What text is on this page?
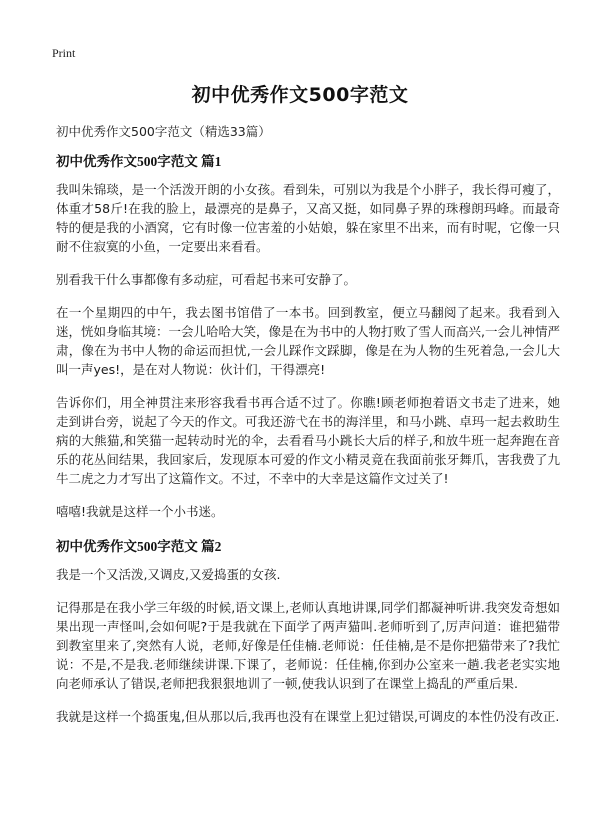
Print
初中优秀作文500字范文
初中优秀作文500字范文（精选33篇）
初中优秀作文500字范文 篇1

我叫朱锦琰，是一个活泼开朗的小女孩。看到朱，可别以为我是个小胖子，我长得可瘦了，体重才58斤!在我的脸上，最漂亮的是鼻子，又高又挺，如同鼻子界的珠穆朗玛峰。而最奇特的便是我的小酒窝，它有时像一位害羞的小姑娘，躲在家里不出来，而有时呢，它像一只耐不住寂寞的小鱼，一定要出来看看。

别看我干什么事都像有多动症，可看起书来可安静了。

在一个星期四的中午，我去图书馆借了一本书。回到教室，便立马翻阅了起来。我看到入迷，恍如身临其境：一会儿哈哈大笑，像是在为书中的人物打败了雪人而高兴,一会儿神情严肃，像在为书中人物的命运而担忧,一会儿踩作文踩脚，像是在为人物的生死着急,一会儿大叫一声yes!，是在对人物说：伙计们，干得漂亮!

告诉你们，用全神贯注来形容我看书再合适不过了。你瞧!顾老师抱着语文书走了进来，她走到讲台旁，说起了今天的作文。可我还游弋在书的海洋里，和马小跳、卓玛一起去救助生病的大熊猫,和笑猫一起转动时光的伞，去看看马小跳长大后的样子,和放牛班一起奔跑在音乐的花丛间结果，我回家后，发现原本可爱的作文小精灵竟在我面前张牙舞爪，害我费了九牛二虎之力才写出了这篇作文。不过，不幸中的大幸是这篇作文过关了!

嘻嘻!我就是这样一个小书迷。

初中优秀作文500字范文 篇2

我是一个又活泼,又调皮,又爱捣蛋的女孩.

记得那是在我小学三年级的时候,语文课上,老师认真地讲课,同学们都凝神听讲.我突发奇想如果出现一声怪叫,会如何呢?于是我就在下面学了两声猫叫.老师听到了,厉声问道：谁把猫带到教室里来了,突然有人说，老师,好像是任佳楠.老师说：任佳楠,是不是你把猫带来了?我忙说：不是,不是我.老师继续讲课.下课了，老师说：任佳楠,你到办公室来一趟.我老老实实地向老师承认了错误,老师把我狠狠地训了一顿,使我认识到了在课堂上捣乱的严重后果.

我就是这样一个捣蛋鬼,但从那以后,我再也没有在课堂上犯过错误,可调皮的本性仍没有改正.
